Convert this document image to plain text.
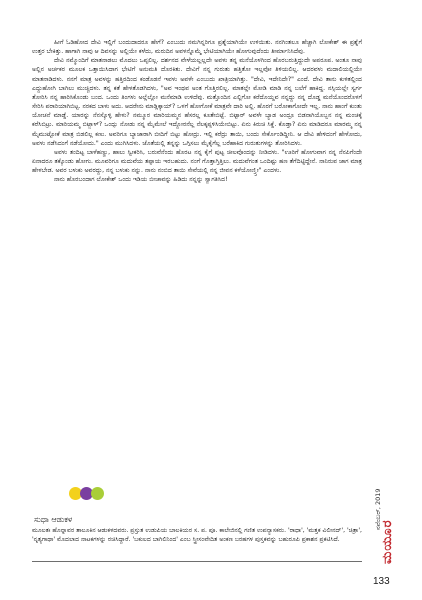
ಹೀಗೆ ಓಡಿಹೋದ ದೇವಿ ಇಲ್ಲಿಗೆ ಬಂದುದಾದರೂ ಹೇಗೆ? ಎಂಬುದು ನಮಗಿನ್ನರಿಗೂ ಪ್ರಶ್ನೆಯಾಗಿಯೇ ಉಳಿಯಿತು. ನನಗಿಂತಲೂ ಹೆಚ್ಚಾಗಿ ಲೋಕೇಶ್ ಈ ಪ್ರಶ್ನೆಗೆ ಉತ್ತರ ಬೇಕಿತ್ತು. ಹಾಗಾಗಿ ನಾವು ಆ ದಿವಸನ್ನು ಅಲ್ಲಿಯೇ ಕಳೆದು, ಮರುದಿನ ಅವಳನ್ನೊಮ್ಮೆ ಭೇಟಿಯಾಗಿಯೇ ಹೋಗುವುದೆಂದು ತೀರ್ಮಾನಿಸಿದೆವು.

ದೇವಿ ನಮ್ಮೊಂದಿಗೆ ಮಾತನಾಡಲು ಮೊದಲು ಒಪ್ಪಲಿಲ್ಲ. ದರ್ಶನದ ವೇಳೆಯಲ್ಲಲ್ಲದೇ ಅವಳು ತನ್ನ ಮನೆಯೊಳಗಿಂದ ಹೊರಬರುತ್ತಿದ್ದುದೇ ಅಪರೂಪ. ಅಂತೂ ನಾವು ಅಲ್ಲಿನ ಅರ್ಚಕರ ಮೂಲಕ ಒತ್ತಾಯಿಸಿದಾಗ ಭೇಟಿಗೆ ಅನುಮತಿ ದೊರಕಿತು. ದೇವಿಗೆ ನನ್ನ ಗುರುತು ಹತ್ತಿತೋ ಇಲ್ಲವೋ ತಿಳಿಯಲಿಲ್ಲ. ಆದರವಳು ಮದಾಲಿಯಲ್ಲಿಯೇ ಮಾತನಾಡಿದಳು. ನನಗೆ ಮಾತ್ರ ಅವಳನ್ನು ಹತ್ತಿರದಿಂದ ಕಂಡೊಡನೆ ಇವಳು ಅವಳೇ ಎಂಬುದು ಖಾತ್ರಿಯಾಗಿತ್ತು. "ದೇವಿ, ಇದೇನಿದೇ?" ಎಂದೆ. ದೇವಿ ತಾನು ಕುಳಿತಲ್ಲಿಂದ ಎದ್ದುಹೋಗಿ ಬಾಗಿಲು ಮುಚ್ಚಿದಳು. ತನ್ನ ಕತೆ ಹೇಳತೊಡಗಿದಳು, "ಅವ ಇಂಥವ ಅಂತ ಗೊತ್ತಿರಲಿಲ್ಲ. ಮಾತಲ್ಲೇ ಮೋಡಿ ಮಾಡಿ ನನ್ನ ಬಲೆಗೆ ಹಾಕಿದ್ದ. ನಸ್ಸಿಯಲ್ಲೇ ಸ್ವರ್ಗ ತೋರಿಸಿ ನನ್ನ ಹಾರಿಸಿಕೊಂಡು ಬಂದ. ಒಂದು ತಿಂಗಳು ಅಲ್ಲೆಲ್ಲೋ ಮನೆಮಾಡಿ ಉಳಿದೆವು. ಮತ್ತೊಂದಿನ ಎಲ್ಲಿಗೋ ಕರೆದೊಯ್ದವ ನನ್ನದ್ದು ನನ್ನ ದೊಡ್ಡ ಮನೆಯೊಂದರೊಳಗೆ ಸೇರಿಸಿ ಪರಾರಿಯಾಗಿಬಿಟ್ಟ. ನರಕದ ಬಾಳು ಅದು. ಆದರೇನು ಮಾಡ್ಲಿಕ್ಕಾಯ್? ಒಳಗೆ ಹೋಗೋಕೆ ಮಾತ್ರವೇ ದಾರಿ ಅಲ್ಲಿ. ಹೊರಗೆ ಬರೋಕಾಗೋದೇ ಇಲ್ಲ. ನಾನು ಹಾಂಗೆ ಕುಂತು ಯೋಚನೆ ಮಾಡ್ದೆ. ಯಾರನ್ನು ನೆನಸ್ಕೊಳ್ಳಿ ಹೇಳು? ನಮ್ಮೂರ ಮಾರಿಯಮ್ಮನ ಹೆಸರಲ್ಲ ಕೂತೇಬಿಟ್ಟೆ. ಬಿಟ್ಟಾರ್ ಅವಳೇ ಬ್ಯಾಡ ಅಂದ್ರೂ ಬಿಡನಾಗಿಯೊಬ್ಬನ ನನ್ನ ಮಂಚಕ್ಕೆ ಕರೆಸಿಬಿಟ್ರು. ಮಾರಿಯಮ್ಮ ಬಿಟ್ಬಾಳ್? ಒಂದ್ಸು ನೋಡು ನನ್ನ ಮೈಮೇಲೆ ಇದ್ದೋರನೆಲ್ಲ ನೆಲಕ್ಕಪ್ಪಳಿಸಿಯೇಬಿಟ್ಟು. ಏನು ಕಿರುಚಿ ಸಿಕ್ದೆ. ಕೊಡ್ತಾ? ಏನು ಮಾಡಿದರೂ ಮಾರಮ್ಮ ನನ್ನ ಮೈಮುಟ್ಟೋಕೆ ಮಾತ್ರ ಬಿಡಲಿಲ್ಲ ಕಣು. ಅವರಿಗೂ ಬ್ಯಾಜಾರಾಗಿ ಬೀದಿಗೆ ಬಿಟ್ಟು ಹೋದ್ರು. ಇಲ್ಲಿ ಕರೆದ್ರು ತಾಯಿ, ಬಂದು ಸೇರ್ಕೊಂಡಿದ್ದೀನಿ. ಆ ದೇವಿ ಹೇಳಿದಂಗೆ ಹೇಳೋದು, ಅವಳು ನಡೆಸಿದಂಗೆ ನಡೆಯೋದು." ಎಂದು ಮುಗಿಸಿದಳು. ಜೊತೆಯಲ್ಲಿ ತನ್ನನ್ನು ಒಗ್ಗಿಸಲು ಮೈಕೈಗೆಲ್ಲ ಬರೆಹಾಕಿದ ಗುರುತುಗಳನ್ನು ತೋರಿಸಿದಳು.

ಅವಳು ತಂದಿಟ್ಟ ಬಾಳೆಹಣ್ಣು, ಹಾಲು ಸ್ವೀಕರಿಸಿ, ಬರುವೆನೆಂದು ಹೊರಟ ನನ್ನ ಕೈಗೆ ಪುಟ್ಟ ಚೀಲವೊಂದನ್ನು ನೀಡಿದಳು. "ಊರಿಗೆ ಹೋಗುವಾಗ ನನ್ನ ನೆನಪಿಗೆಂದೇ ಏನಾದರೂ ತಕ್ಕೊಂಡು ಹೋಗು. ಮೂವರಿಗೂ ಮದುವೆಯ ತಪ್ಪಾಯ ಇರಬಹುದು. ನಂಗೆ ಗೊತ್ತಾಗ್ತಿತ್ತಿಲು. ಮದುವೆಗಂತ ಒಂದಿಷ್ಟು ಹಣ ತೆಗೆದಿಟ್ಟಿದ್ದೇನೆ. ನಾನಿರುವ ಜಾಗ ಮಾತ್ರ ಹೇಳಬೇಡ. ಅವರ ಬಳುಕು ಅವರದ್ದು, ನನ್ನ ಬಳುಕು ನನ್ನು. ನಾನು ನಂಬಿದ ತಾಯಿ ಸೇವೆಯಲ್ಲಿ ನನ್ನ ಜೀವನ ಕಳೆಯೋಣ್ತ್ತೀ" ಎಂದಳು.

ನಾನು ಹೊರಬಂದಾಗ ಲೋಕೇಶ್ ಒಂದು ಇಡಿಯ ಬೀಚಾವನ್ನು ಹಿಡಿದು ನನ್ನನ್ನು ಸ್ವಾಗತಿಸಿದ!

ಸುಧಾ ಆಡುಕಳ

ಮೂಲತಃ ಹೊನ್ನಾವರ ತಾಲೂಕಿನ ಆಡುಕಳದವರು. ಪ್ರಸ್ತುತ ಉಡುಪಿಯ ಬಾಲಕಿಯರ ಸ. ಪ. ಪೂ. ಕಾಲೇಜಿನಲ್ಲಿ ಗಣಿತ ಉಪನ್ಯಾಸಕರು. 'ರಾಧಾ', 'ಮತ್ತಕ ವಿಲೀನದ್', 'ಚಿತ್ರಾ', 'ನೃತ್ಯಗಾಥಾ' ಮೊದಲಾದ ನಾಟಕಗಳನ್ನು ರಚಿಸಿದ್ದಾರೆ. 'ಬಕುಲದ ಬಾಗಿಲಿನಿಂದ' ಎಂಬ ಸ್ತ್ರೀಸಂವೇದಿತ ಅಂಕಣ ಬರಹಗಳ ಪುಸ್ತಕವನ್ನು ಬಹುರೂಪಿ ಪ್ರಕಾಶನ ಪ್ರಕಟಿಸಿದೆ.	ಮಯೂರ
ನವೆಂಬರ್, 2019
133
